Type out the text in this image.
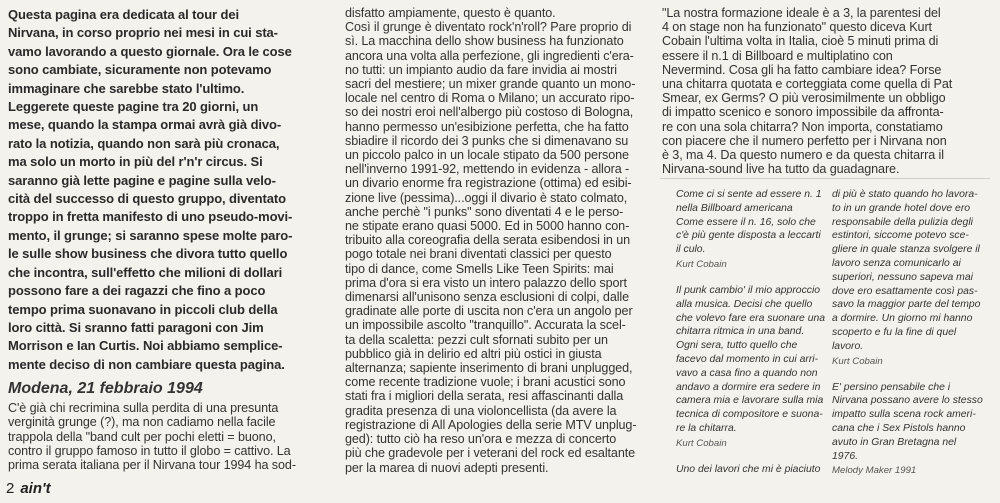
Questa pagina era dedicata al tour dei
Nirvana, in corso proprio nei mesi in cui sta-
vamo lavorando a questo giornale. Ora le cose
sono cambiate, sicuramente non potevamo
immaginare che sarebbe stato l'ultimo.
Leggerete queste pagine tra 20 giorni, un
mese, quando la stampa ormai avrà già divo-
rato la notizia, quando non sarà più cronaca,
ma solo un morto in più del r'n'r circus. Si
saranno già lette pagine e pagine sulla velo-
cità del successo di questo gruppo, diventato
troppo in fretta manifesto di uno pseudo-movi-
mento, il grunge; si saranno spese molte paro-
le sulle show business che divora tutto quello
che incontra, sull'effetto che milioni di dollari
possono fare a dei ragazzi che fino a poco
tempo prima suonavano in piccoli club della
loro città. Si sranno fatti paragoni con Jim
Morrison e Ian Curtis. Noi abbiamo semplice-
mente deciso di non cambiare questa pagina.
Modena, 21 febbraio 1994
C'è già chi recrimina sulla perdita di una presunta
verginità grunge (?), ma non cadiamo nella facile
trappola della "band cult per pochi eletti = buono,
contro il gruppo famoso in tutto il globo = cattivo. La
prima serata italiana per il Nirvana tour 1994 ha sod-
disfatto ampiamente, questo è quanto.
Così il grunge è diventato rock'n'roll? Pare proprio di
sì. La macchina dello show business ha funzionato
ancora una volta alla perfezione, gli ingredienti c'era-
no tutti: un impianto audio da fare invidia ai mostri
sacri del mestiere; un mixer grande quanto un mono-
locale nel centro di Roma o Milano; un accurato ripo-
so dei nostri eroi nell'albergo più costoso di Bologna,
hanno permesso un'esibizione perfetta, che ha fatto
sbiadire il ricordo dei 3 punks che si dimenavano su
un piccolo palco in un locale stipato da 500 persone
nell'inverno 1991-92, mettendo in evidenza - allora -
un divario enorme fra registrazione (ottima) ed esibi-
zione live (pessima)...oggi il divario è stato colmato,
anche perchè "i punks" sono diventati 4 e le perso-
ne stipate erano quasi 5000. Ed in 5000 hanno con-
tribuito alla coreografia della serata esibendosi in un
pogo totale nei brani diventati classici per questo
tipo di dance, come Smells Like Teen Spirits: mai
prima d'ora si era visto un intero palazzo dello sport
dimenarsi all'unisono senza esclusioni di colpi, dalle
gradinate alle porte di uscita non c'era un angolo per
un impossibile ascolto "tranquillo". Accurata la scel-
ta della scaletta: pezzi cult sfornati subito per un
pubblico già in delirio ed altri più ostici in giusta
alternanza; sapiente inserimento di brani unplugged,
come recente tradizione vuole; i brani acustici sono
stati fra i migliori della serata, resi affascinanti dalla
gradita presenza di una violoncellista (da avere la
registrazione di All Apologies della serie MTV unplug-
ged): tutto ciò ha reso un'ora e mezza di concerto
più che gradevole per i veterani del rock ed esaltante
per la marea di nuovi adepti presenti.
"La nostra formazione ideale è a 3, la parentesi del
4 on stage non ha funzionato" questo diceva Kurt
Cobain l'ultima volta in Italia, cioè 5 minuti prima di
essere il n.1 di Billboard e multiplatino con
Nevermind. Cosa gli ha fatto cambiare idea? Forse
una chitarra quotata e corteggiata come quella di Pat
Smear, ex Germs? O più verosimilmente un obbligo
di impatto scenico e sonoro impossibile da affronta-
re con una sola chitarra? Non importa, constatiamo
con piacere che il numero perfetto per i Nirvana non
è 3, ma 4. Da questo numero e da questa chitarra il
Nirvana-sound live ha tutto da guadagnare.
Come ci si sente ad essere n. 1
nella Billboard americana
Come essere il n. 16, solo che
c'è più gente disposta a leccarti
il culo.
Kurt Cobain
Il punk cambio' il mio approccio
alla musica. Decisi che quello
che volevo fare era suonare una
chitarra ritmica in una band.
Ogni sera, tutto quello che
facevo dal momento in cui arri-
vavo a casa fino a quando non
andavo a dormire era sedere in
camera mia e lavorare sulla mia
tecnica di compositore e suona-
re la chitarra.
Kurt Cobain
Uno dei lavori che mi è piaciuto
di più è stato quando ho lavora-
to in un grande hotel dove ero
responsabile della pulizia degli
estintori, siccome potevo sce-
gliere in quale stanza svolgere il
lavoro senza comunicarlo ai
superiori, nessuno sapeva mai
dove ero esattamente così pas-
savo la maggior parte del tempo
a dormire. Un giorno mi hanno
scoperto e fu la fine di quel
lavoro.
Kurt Cobain
E' persino pensabile che i
Nirvana possano avere lo stesso
impatto sulla scena rock ameri-
cana che i Sex Pistols hanno
avuto in Gran Bretagna nel
1976.
Melody Maker 1991
2 ain't
